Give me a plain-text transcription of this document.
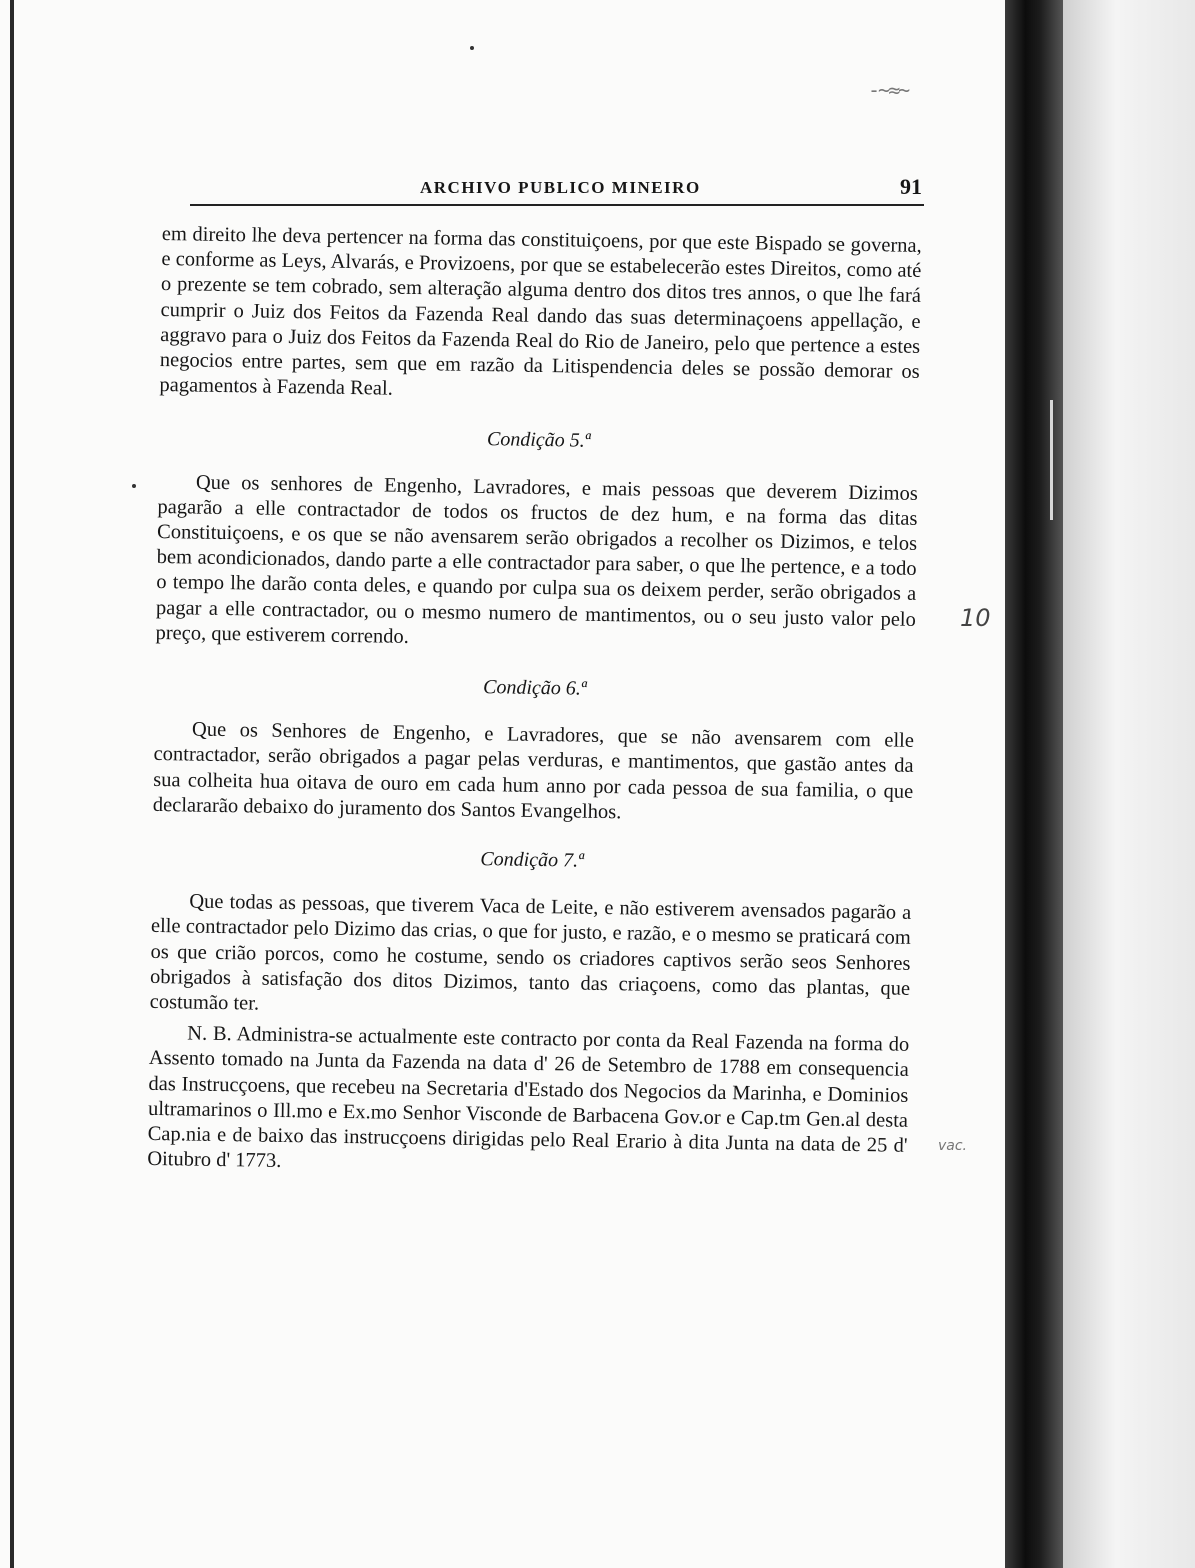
-~≈~
ARCHIVO PUBLICO MINEIRO	91

em direito lhe deva pertencer na forma das constituiçoens, por que este Bispado se governa, e conforme as Leys, Alvarás, e Provizoens, por que se estabelecerão estes Direitos, como até o prezente se tem cobrado, sem alteração alguma dentro dos ditos tres annos, o que lhe fará cumprir o Juiz dos Feitos da Fazenda Real dando das suas determinaçoens appellação, e aggravo para o Juiz dos Feitos da Fazenda Real do Rio de Janeiro, pelo que pertence a estes negocios entre partes, sem que em razão da Litispendencia deles se possão demorar os pagamentos à Fazenda Real.

Condição 5.ª

Que os senhores de Engenho, Lavradores, e mais pessoas que deverem Dizimos pagarão a elle contractador de todos os fructos de dez hum, e na forma das ditas Constituiçoens, e os que se não avensarem serão obrigados a recolher os Dizimos, e telos bem acondicionados, dando parte a elle contractador para saber, o que lhe pertence, e a todo o tempo lhe darão conta deles, e quando por culpa sua os deixem perder, serão obrigados a pagar a elle contractador, ou o mesmo numero de mantimentos, ou o seu justo valor pelo preço, que estiverem correndo.

Condição 6.ª

Que os Senhores de Engenho, e Lavradores, que se não avensarem com elle contractador, serão obrigados a pagar pelas verduras, e mantimentos, que gastão antes da sua colheita hua oitava de ouro em cada hum anno por cada pessoa de sua familia, o que declararão debaixo do juramento dos Santos Evangelhos.

Condição 7.ª

Que todas as pessoas, que tiverem Vaca de Leite, e não estiverem avensados pagarão a elle contractador pelo Dizimo das crias, o que for justo, e razão, e o mesmo se praticará com os que crião porcos, como he costume, sendo os criadores captivos serão seos Senhores obrigados à satisfação dos ditos Dizimos, tanto das criaçoens, como das plantas, que costumão ter.

N. B. Administra-se actualmente este contracto por conta da Real Fazenda na forma do Assento tomado na Junta da Fazenda na data d' 26 de Setembro de 1788 em consequencia das Instrucçoens, que recebeu na Secretaria d'Estado dos Negocios da Marinha, e Dominios ultramarinos o Ill.mo e Ex.mo Senhor Visconde de Barbacena Gov.or e Cap.tm Gen.al desta Cap.nia e de baixo das instrucçoens dirigidas pelo Real Erario à dita Junta na data de 25 d' Oitubro d' 1773.

10
vac.
